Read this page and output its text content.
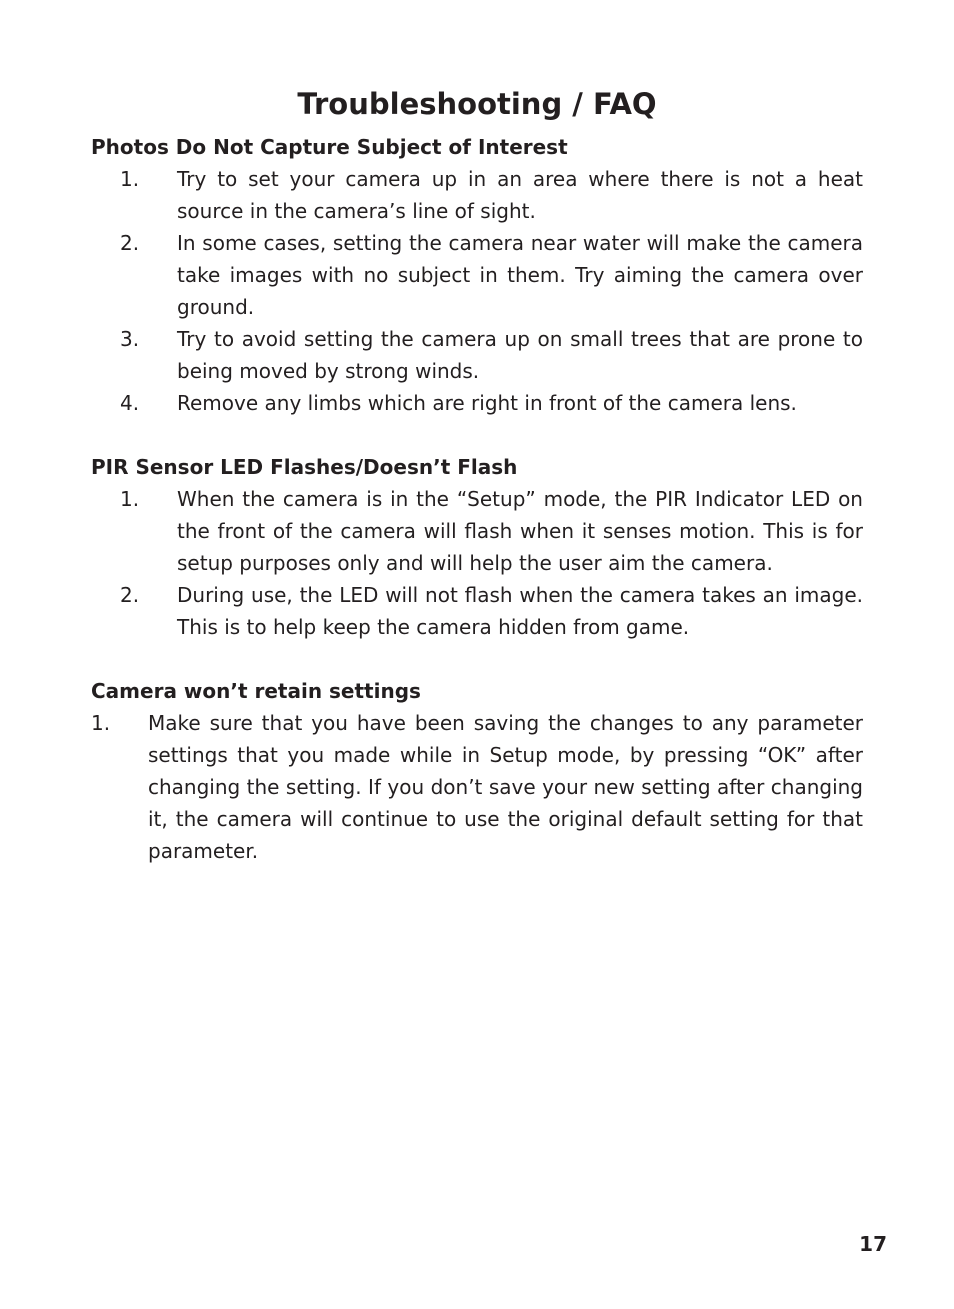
Troubleshooting / FAQ
Photos Do Not Capture Subject of Interest
1.	Try to set your camera up in an area where there is not a heat source in the camera’s line of sight.
2.	In some cases, setting the camera near water will make the camera take images with no subject in them. Try aiming the camera over ground.
3.	Try to avoid setting the camera up on small trees that are prone to being moved by strong winds.
4.	Remove any limbs which are right in front of the camera lens.
PIR Sensor LED Flashes/Doesn’t Flash
1.	When the camera is in the “Setup” mode, the PIR Indicator LED on the front of the camera will flash when it senses motion. This is for setup purposes only and will help the user aim the camera.
2.	During use, the LED will not flash when the camera takes an image. This is to help keep the camera hidden from game.
Camera won’t retain settings
1.	Make sure that you have been saving the changes to any parameter settings that you made while in Setup mode, by pressing “OK” after changing the setting. If you don’t save your new setting after changing it, the camera will continue to use the original default setting for that parameter.
17
